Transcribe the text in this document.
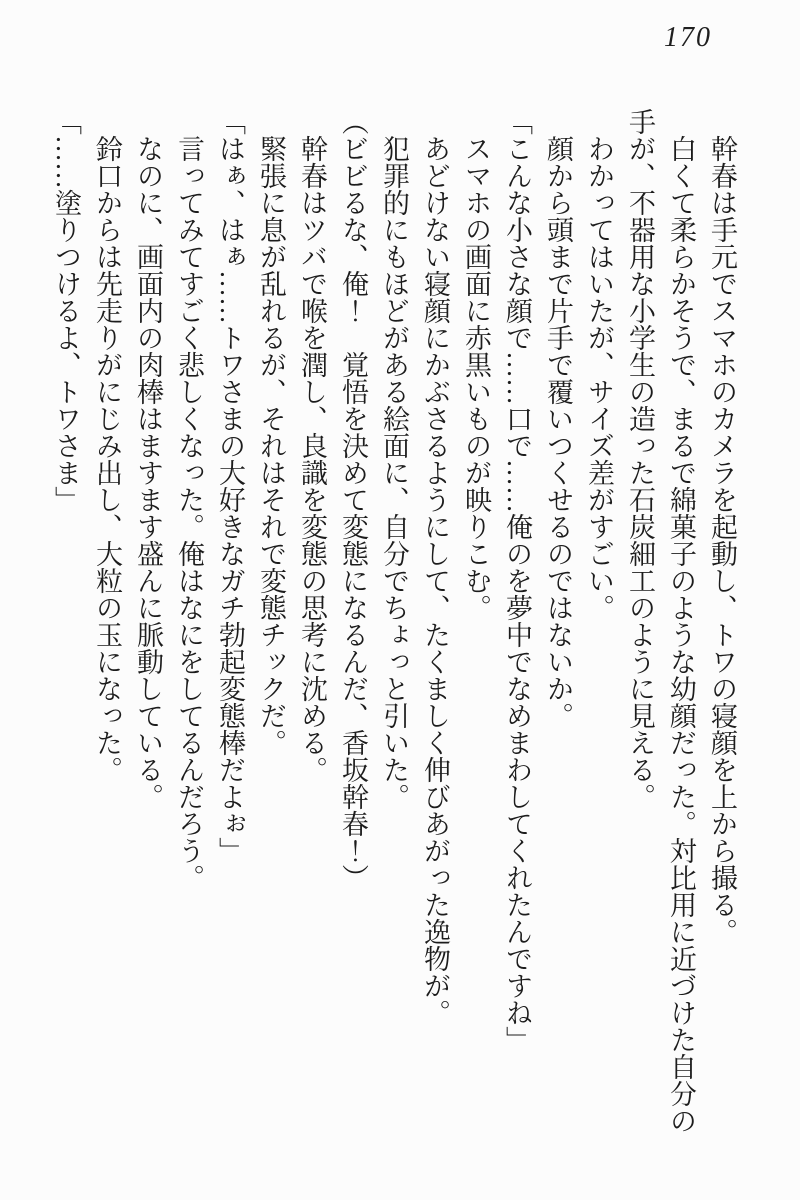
170

幹春は手元でスマホのカメラを起動し、トワの寝顔を上から撮る。

白くて柔らかそうで、まるで綿菓子のような幼顔だった。対比用に近づけた自分の手が、不器用な小学生の造った石炭細工のように見える。

わかってはいたが、サイズ差がすごい。

顔から頭まで片手で覆いつくせるのではないか。

「こんな小さな顔で……口で……俺のを夢中でなめまわしてくれたんですね」

スマホの画面に赤黒いものが映りこむ。

あどけない寝顔にかぶさるようにして、たくましく伸びあがった逸物が。

犯罪的にもほどがある絵面に、自分でちょっと引いた。

（ビビるな、俺！　覚悟を決めて変態になるんだ、香坂幹春！）

幹春はツバで喉を潤し、良識を変態の思考に沈める。

緊張に息が乱れるが、それはそれで変態チックだ。

「はぁ、はぁ……トワさまの大好きなガチ勃起変態棒だよぉ」

言ってみてすごく悲しくなった。俺はなにをしてるんだろう。

なのに、画面内の肉棒はますます盛んに脈動している。

鈴口からは先走りがにじみ出し、大粒の玉になった。

「……塗りつけるよ、トワさま」
